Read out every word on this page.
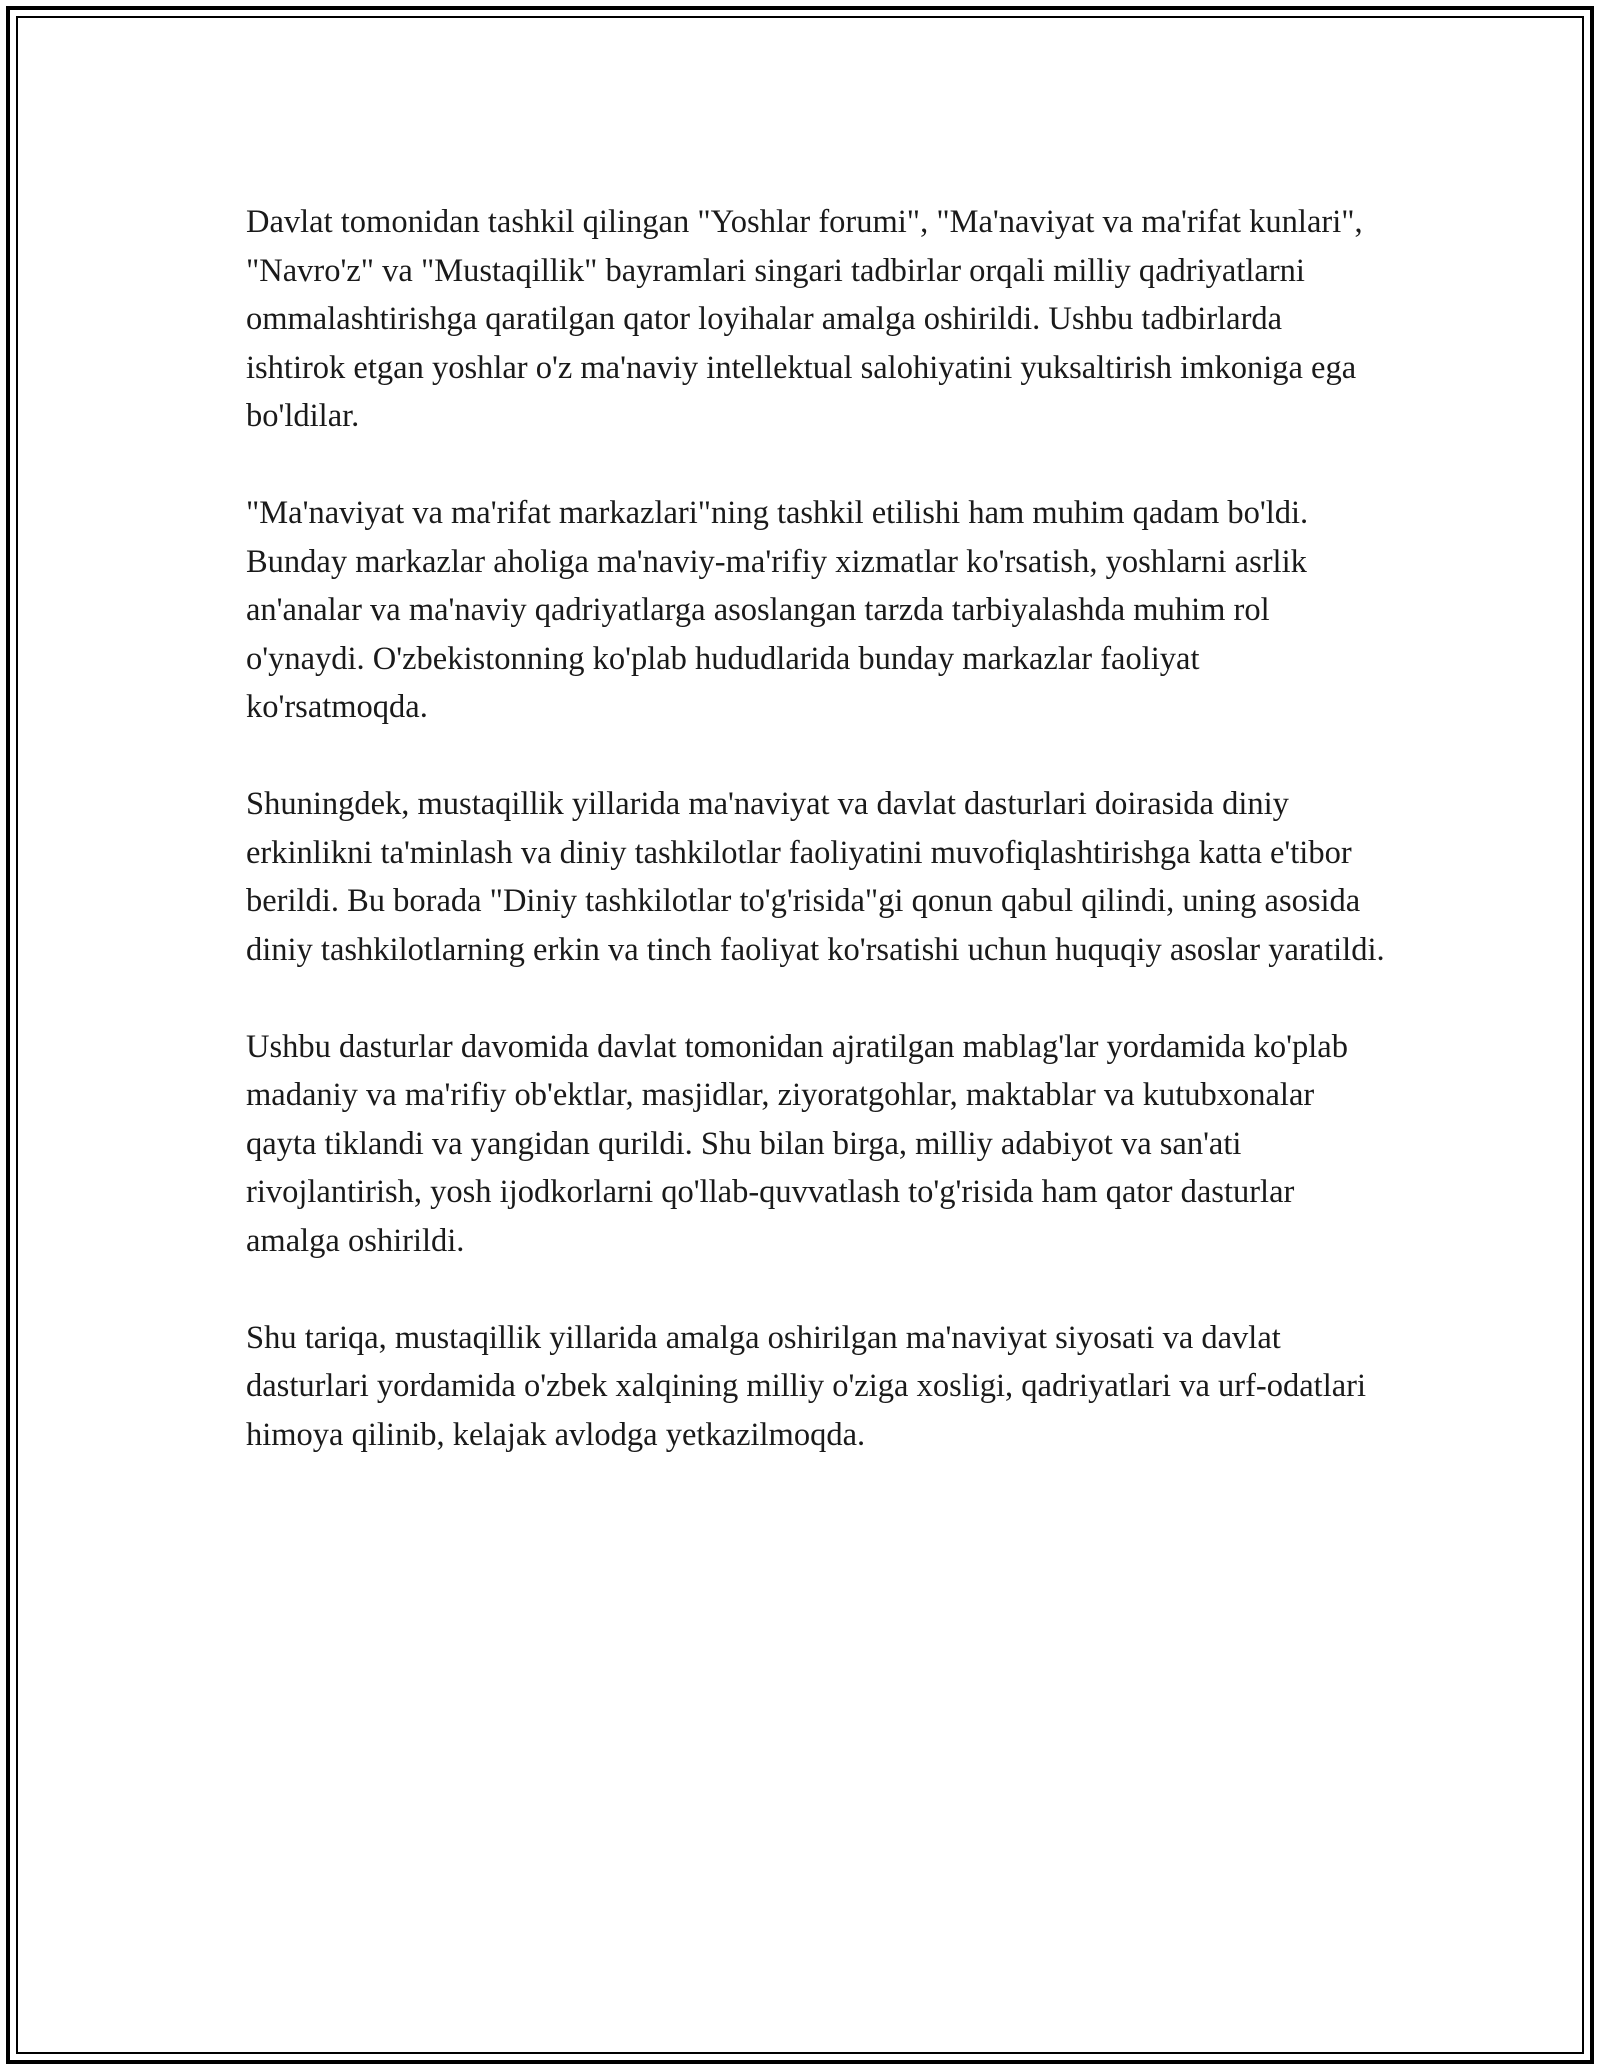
Davlat tomonidan tashkil qilingan "Yoshlar forumi", "Ma'naviyat va ma'rifat kunlari", "Navro'z" va "Mustaqillik" bayramlari singari tadbirlar orqali milliy qadriyatlarni ommalashtirishga qaratilgan qator loyihalar amalga oshirildi. Ushbu tadbirlarda ishtirok etgan yoshlar o'z ma'naviy intellektual salohiyatini yuksaltirish imkoniga ega bo'ldilar.

"Ma'naviyat va ma'rifat markazlari"ning tashkil etilishi ham muhim qadam bo'ldi. Bunday markazlar aholiga ma'naviy-ma'rifiy xizmatlar ko'rsatish, yoshlarni asrlik an'analar va ma'naviy qadriyatlarga asoslangan tarzda tarbiyalashda muhim rol o'ynaydi. O'zbekistonning ko'plab hududlarida bunday markazlar faoliyat ko'rsatmoqda.

Shuningdek, mustaqillik yillarida ma'naviyat va davlat dasturlari doirasida diniy erkinlikni ta'minlash va diniy tashkilotlar faoliyatini muvofiqlashtirishga katta e'tibor berildi. Bu borada "Diniy tashkilotlar to'g'risida"gi qonun qabul qilindi, uning asosida diniy tashkilotlarning erkin va tinch faoliyat ko'rsatishi uchun huquqiy asoslar yaratildi.

Ushbu dasturlar davomida davlat tomonidan ajratilgan mablag'lar yordamida ko'plab madaniy va ma'rifiy ob'ektlar, masjidlar, ziyoratgohlar, maktablar va kutubxonalar qayta tiklandi va yangidan qurildi. Shu bilan birga, milliy adabiyot va san'ati rivojlantirish, yosh ijodkorlarni qo'llab-quvvatlash to'g'risida ham qator dasturlar amalga oshirildi.

Shu tariqa, mustaqillik yillarida amalga oshirilgan ma'naviyat siyosati va davlat dasturlari yordamida o'zbek xalqining milliy o'ziga xosligi, qadriyatlari va urf-odatlari himoya qilinib, kelajak avlodga yetkazilmoqda.
